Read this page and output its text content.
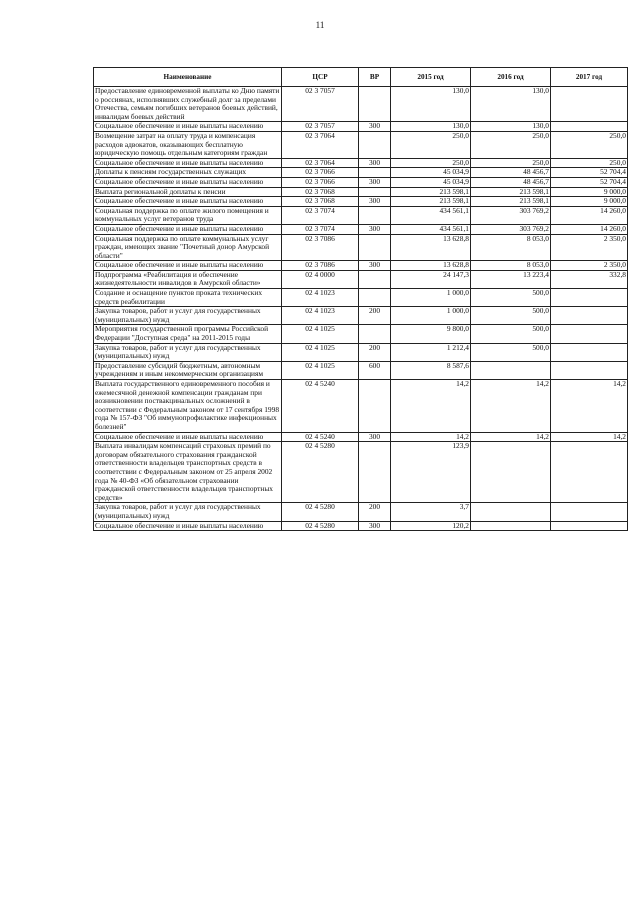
11
Наименование	ЦСР	ВР	2015 год	2016 год	2017 год
Предоставление единовременной выплаты ко Дню памяти о россиянах, исполнявших служебный долг за пределами Отечества, семьям погибших ветеранов боевых действий, инвалидам боевых действий	02 3 7057		130,0	130,0	
Социальное обеспечение и иные выплаты населению	02 3 7057	300	130,0	130,0	
Возмещение затрат на оплату труда и компенсация расходов адвокатов, оказывающих бесплатную юридическую помощь отдельным категориям граждан	02 3 7064		250,0	250,0	250,0
Социальное обеспечение и иные выплаты населению	02 3 7064	300	250,0	250,0	250,0
Доплаты к пенсиям государственных служащих	02 3 7066		45 034,9	48 456,7	52 704,4
Социальное обеспечение и иные выплаты населению	02 3 7066	300	45 034,9	48 456,7	52 704,4
Выплата региональной доплаты к пенсии	02 3 7068		213 598,1	213 598,1	9 000,0
Социальное обеспечение и иные выплаты населению	02 3 7068	300	213 598,1	213 598,1	9 000,0
Социальная поддержка по оплате жилого помещения и коммунальных услуг ветеранов труда	02 3 7074		434 561,1	303 769,2	14 260,0
Социальное обеспечение и иные выплаты населению	02 3 7074	300	434 561,1	303 769,2	14 260,0
Социальная поддержка по оплате коммунальных услуг граждан, имеющих звание "Почетный донор Амурской области"	02 3 7086		13 628,8	8 053,0	2 350,0
Социальное обеспечение и иные выплаты населению	02 3 7086	300	13 628,8	8 053,0	2 350,0
Подпрограмма «Реабилитация и обеспечение жизнедеятельности инвалидов в Амурской области»	02 4 0000		24 147,3	13 223,4	332,8
Создание и оснащение пунктов проката технических средств реабилитации	02 4 1023		1 000,0	500,0	
Закупка товаров, работ и услуг для государственных (муниципальных) нужд	02 4 1023	200	1 000,0	500,0	
Мероприятия государственной программы Российской Федерации "Доступная среда" на 2011-2015 годы	02 4 1025		9 800,0	500,0	
Закупка товаров, работ и услуг для государственных (муниципальных) нужд	02 4 1025	200	1 212,4	500,0	
Предоставление субсидий бюджетным, автономным учреждениям и иным некоммерческим организациям	02 4 1025	600	8 587,6		
Выплата государственного единовременного пособия и ежемесячной денежной компенсации гражданам при возникновении поствакцинальных осложнений в соответствии с Федеральным законом от 17 сентября 1998 года № 157-ФЗ "Об иммунопрофилактике инфекционных болезней"	02 4 5240		14,2	14,2	14,2
Социальное обеспечение и иные выплаты населению	02 4 5240	300	14,2	14,2	14,2
Выплата инвалидам компенсаций страховых премий по договорам обязательного страхования гражданской ответственности владельцев транспортных средств в соответствии с Федеральным законом от 25 апреля 2002 года № 40-ФЗ «Об обязательном страховании гражданской ответственности владельцев транспортных средств»	02 4 5280		123,9		
Закупка товаров, работ и услуг для государственных (муниципальных) нужд	02 4 5280	200	3,7		
Социальное обеспечение и иные выплаты населению	02 4 5280	300	120,2		
